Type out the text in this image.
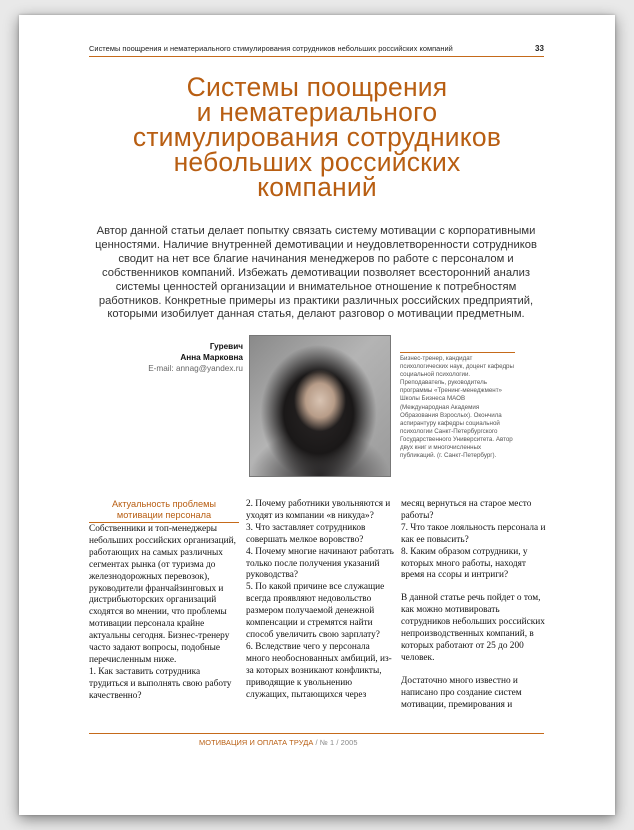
Системы поощрения и нематериального стимулирования сотрудников небольших российских компаний	33
Системы поощрения
и нематериального
стимулирования сотрудников
небольших российских
компаний

Автор данной статьи делает попытку связать систему мотивации с корпоративными ценностями. Наличие внутренней демотивации и неудовлетворенности сотрудников сводит на нет все благие начинания менеджеров по работе с персоналом и собственников компаний. Избежать демотивации позволяет всесторонний анализ системы ценностей организации и внимательное отношение к потребностям работников. Конкретные примеры из практики различных российских предприятий, которыми изобилует данная статья, делают разговор о мотивации предметным.

Гуревич
Анна Марковна
E-mail: annag@yandex.ru

Бизнес-тренер, кандидат психологических наук, доцент кафедры социальной психологии. Преподаватель, руководитель программы «Тренинг-менеджмент» Школы Бизнеса МАОВ (Международная Академия Образования Взрослых). Окончила аспирантуру кафедры социальной психологии Санкт-Петербургского Государственного Университета. Автор двух книг и многочисленных публикаций. (г. Санкт-Петербург).

Актуальность проблемы мотивации персонала

Собственники и топ-менеджеры небольших российских организаций, работающих на самых различных сегментах рынка (от туризма до железнодорожных перевозок), руководители франчайзинговых и дистрибьюторских организаций сходятся во мнении, что проблемы мотивации персонала крайне актуальны сегодня. Бизнес-тренеру часто задают вопросы, подобные перечисленным ниже.

1. Как заставить сотрудника трудиться и выполнять свою работу качественно?

2. Почему работники увольняются и уходят из компании «в никуда»?

3. Что заставляет сотрудников совершать мелкое воровство?

4. Почему многие начинают работать только после получения указаний руководства?

5. По какой причине все служащие всегда проявляют недовольство размером получаемой денежной компенсации и стремятся найти способ увеличить свою зарплату?

6. Вследствие чего у персонала много необоснованных амбиций, из-за которых возникают конфликты, приводящие к увольнению служащих, пытающихся через

месяц вернуться на старое место работы?

7. Что такое лояльность персонала и как ее повысить?

8. Каким образом сотрудники, у которых много работы, находят время на ссоры и интриги?

В данной статье речь пойдет о том, как можно мотивировать сотрудников небольших российских непроизводственных компаний, в которых работают от 25 до 200 человек.

Достаточно много известно и написано про создание систем мотивации, премирования и

МОТИВАЦИЯ И ОПЛАТА ТРУДА / № 1 / 2005
